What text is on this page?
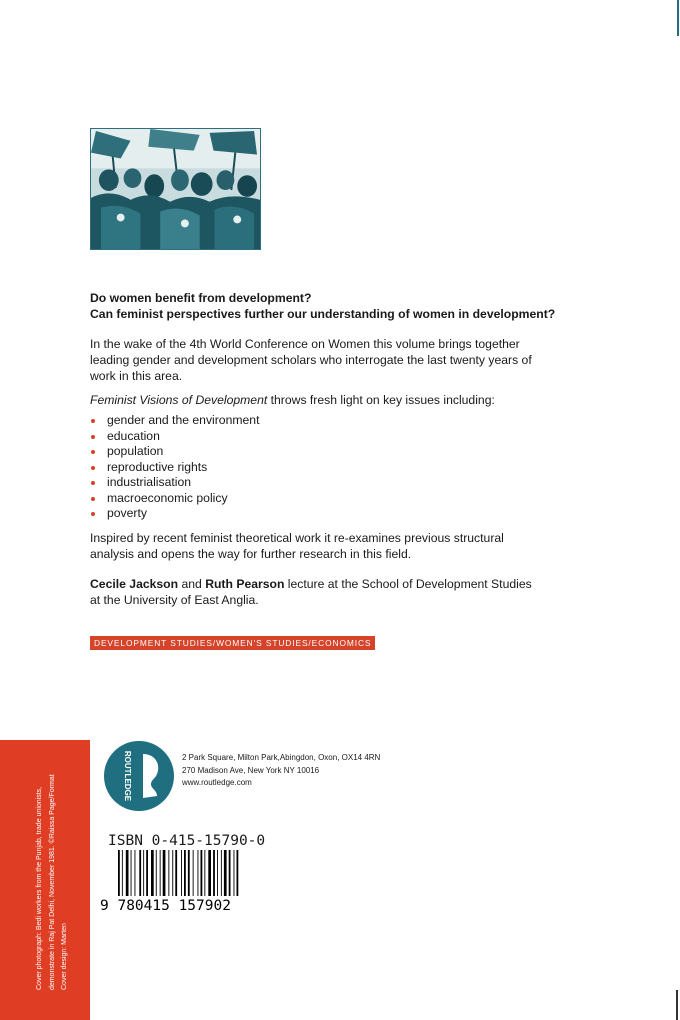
Do women benefit from development?
Can feminist perspectives further our understanding of women in development?
In the wake of the 4th World Conference on Women this volume brings together leading gender and development scholars who interrogate the last twenty years of work in this area.
Feminist Visions of Development throws fresh light on key issues including:
gender and the environment
education
population
reproductive rights
industrialisation
macroeconomic policy
poverty
Inspired by recent feminist theoretical work it re-examines previous structural analysis and opens the way for further research in this field.
Cecile Jackson and Ruth Pearson lecture at the School of Development Studies at the University of East Anglia.
DEVELOPMENT STUDIES/WOMEN'S STUDIES/ECONOMICS
Cover photograph: Bedi workers from the Punjab, trade unionists, demonstrate in Raj Pat Delhi, November 1981. ©Raissa Page/Format Cover design: Marten
ROUTLEDGE	2 Park Square, Milton Park,Abingdon, Oxon, OX14 4RN
270 Madison Ave, New York NY 10016
www.routledge.com
ISBN 0-415-15790-0
9 780415 157902
